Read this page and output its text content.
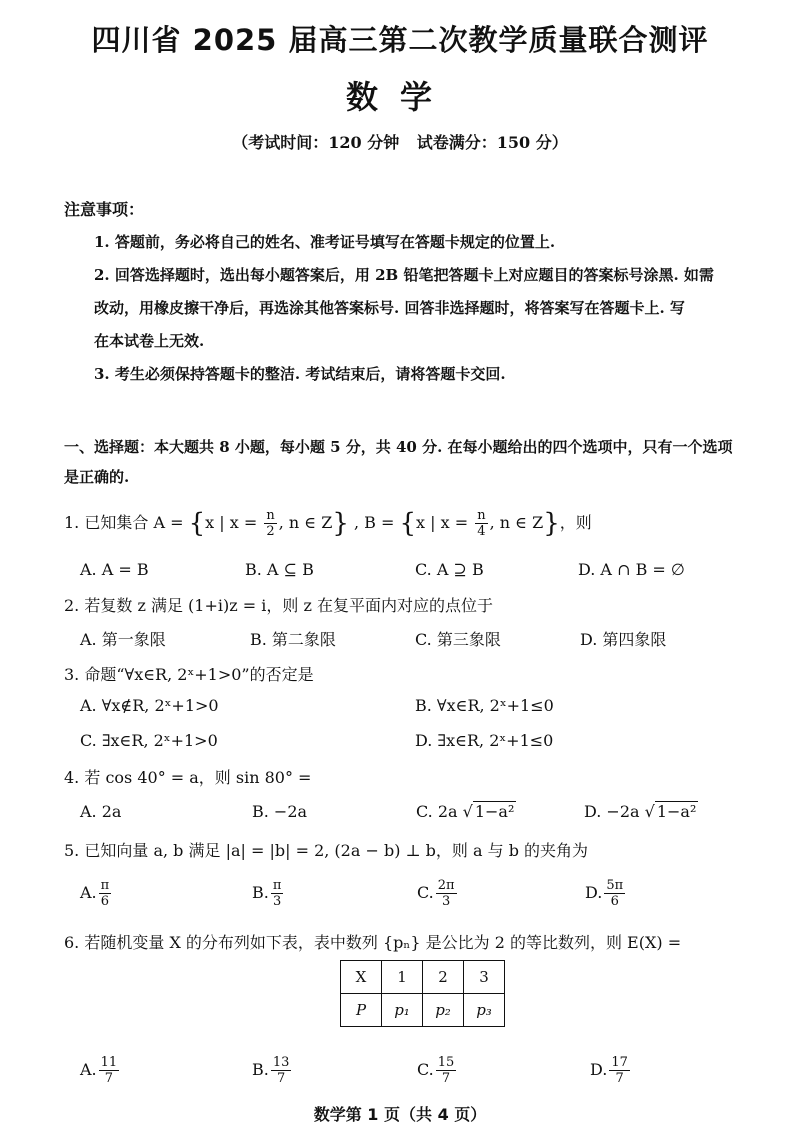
四川省 2025 届高三第二次教学质量联合测评
数学
（考试时间：120 分钟 试卷满分：150 分）
注意事项：
1. 答题前，务必将自己的姓名、准考证号填写在答题卡规定的位置上.
2. 回答选择题时，选出每小题答案后，用 2B 铅笔把答题卡上对应题目的答案标号涂黑. 如需
改动，用橡皮擦干净后，再选涂其他答案标号. 回答非选择题时，将答案写在答题卡上. 写
在本试卷上无效.
3. 考生必须保持答题卡的整洁. 考试结束后，请将答题卡交回.
一、选择题：本大题共 8 小题，每小题 5 分，共 40 分. 在每小题给出的四个选项中，只有一个选项
是正确的.
1. 已知集合 A = {x | $x = \frac{n}{2}$ , n ∈ Z} , B = {x | $x = \frac{n}{4}$ , n ∈ Z}，则
A. A = B	B. A ⊆ B	C. A ⊇ B	D. A ∩ B = ∅
2. 若复数 z 满足 (1+i)z = i，则 z 在复平面内对应的点位于
A. 第一象限	B. 第二象限	C. 第三象限	D. 第四象限
3. 命题“∀x∈R, 2ˣ+1>0”的否定是
A. ∀x∉R, 2ˣ+1>0	B. ∀x∈R, 2ˣ+1≤0
C. ∃x∈R, 2ˣ+1>0	D. ∃x∈R, 2ˣ+1≤0
4. 若 cos 40° = a，则 sin 80° =
A. 2a	B. −2a	C. 2a √ 1−a²	D. −2a √ 1−a²
5. 已知向量 a, b 满足 |a| = |b| = 2, (2a − b) ⊥ b，则 a 与 b 的夹角为
A. $\frac{\pi}{6}$	B. $\frac{\pi}{3}$	C. $\frac{2\pi}{3}$	D. $\frac{5\pi}{6}$
6. 若随机变量 X 的分布列如下表，表中数列 {pₙ} 是公比为 2 的等比数列，则 E(X) =
X	1	2	3
P	p₁	p₂	p₃
A. $\frac{11}{7}$	B. $\frac{13}{7}$	C. $\frac{15}{7}$	D. $\frac{17}{7}$
数学第 1 页（共 4 页）
